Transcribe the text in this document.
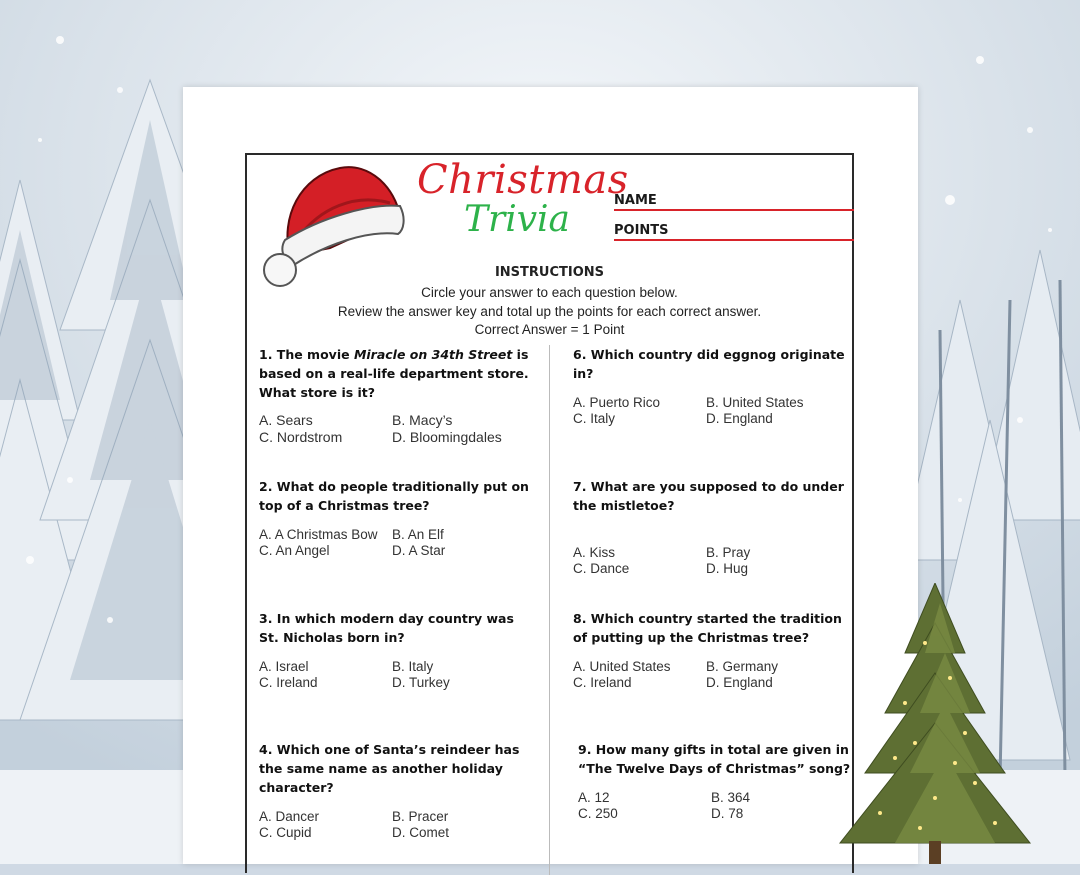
Christmas
Trivia	NAME
POINTS
INSTRUCTIONS
Circle your answer to each question below.
Review the answer key and total up the points for each correct answer.
Correct Answer = 1 Point
1. The movie Miracle on 34th Street is based on a real-life department store. What store is it?
A. Sears	B. Macy’s
C. Nordstrom	D. Bloomingdales
2. What do people traditionally put on top of a Christmas tree?
A. A Christmas Bow	B. An Elf
C. An Angel	D. A Star
3. In which modern day country was St. Nicholas born in?
A. Israel	B. Italy
C. Ireland	D. Turkey
4. Which one of Santa’s reindeer has the same name as another holiday character?
A. Dancer	B. Pracer
C. Cupid	D. Comet
6. Which country did eggnog originate in?
A. Puerto Rico	B. United States
C. Italy	D. England
7. What are you supposed to do under the mistletoe?
A. Kiss	B. Pray
C. Dance	D. Hug
8. Which country started the tradition of putting up the Christmas tree?
A. United States	B. Germany
C. Ireland	D. England
9. How many gifts in total are given in “The Twelve Days of Christmas” song?
A. 12	B. 364
C. 250	D. 78
